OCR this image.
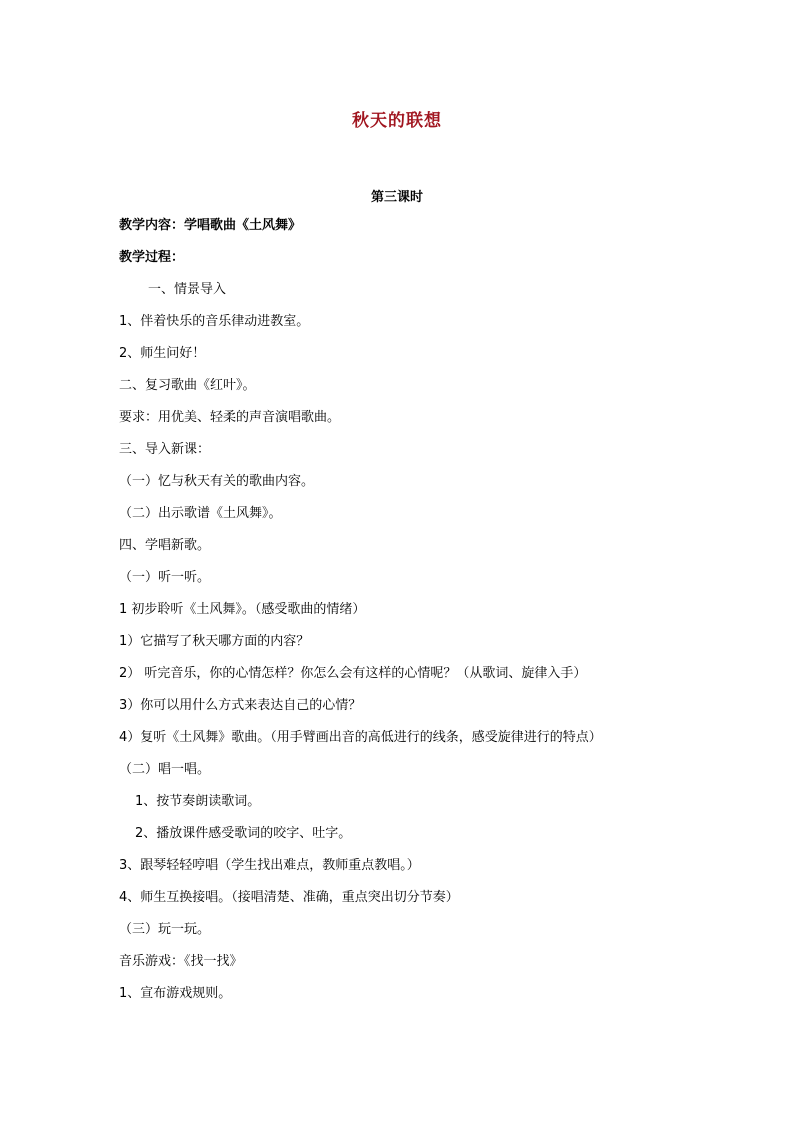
秋天的联想
第三课时
教学内容：学唱歌曲《土风舞》
教学过程：
一、情景导入
1、伴着快乐的音乐律动进教室。
2、师生问好！
二、复习歌曲《红叶》。
要求：用优美、轻柔的声音演唱歌曲。
三、导入新课：
（一）忆与秋天有关的歌曲内容。
（二）出示歌谱《土风舞》。
四、学唱新歌。
（一）听一听。
1 初步聆听《土风舞》。（感受歌曲的情绪）
1）它描写了秋天哪方面的内容？
2） 听完音乐，你的心情怎样？你怎么会有这样的心情呢？（从歌词、旋律入手）
3）你可以用什么方式来表达自己的心情？
4）复听《土风舞》歌曲。（用手臂画出音的高低进行的线条，感受旋律进行的特点）
（二）唱一唱。
1、按节奏朗读歌词。
2、播放课件感受歌词的咬字、吐字。
3、跟琴轻轻哼唱（学生找出难点，教师重点教唱。）
4、师生互换接唱。（接唱清楚、准确，重点突出切分节奏）
（三）玩一玩。
音乐游戏：《找一找》
1、宣布游戏规则。
